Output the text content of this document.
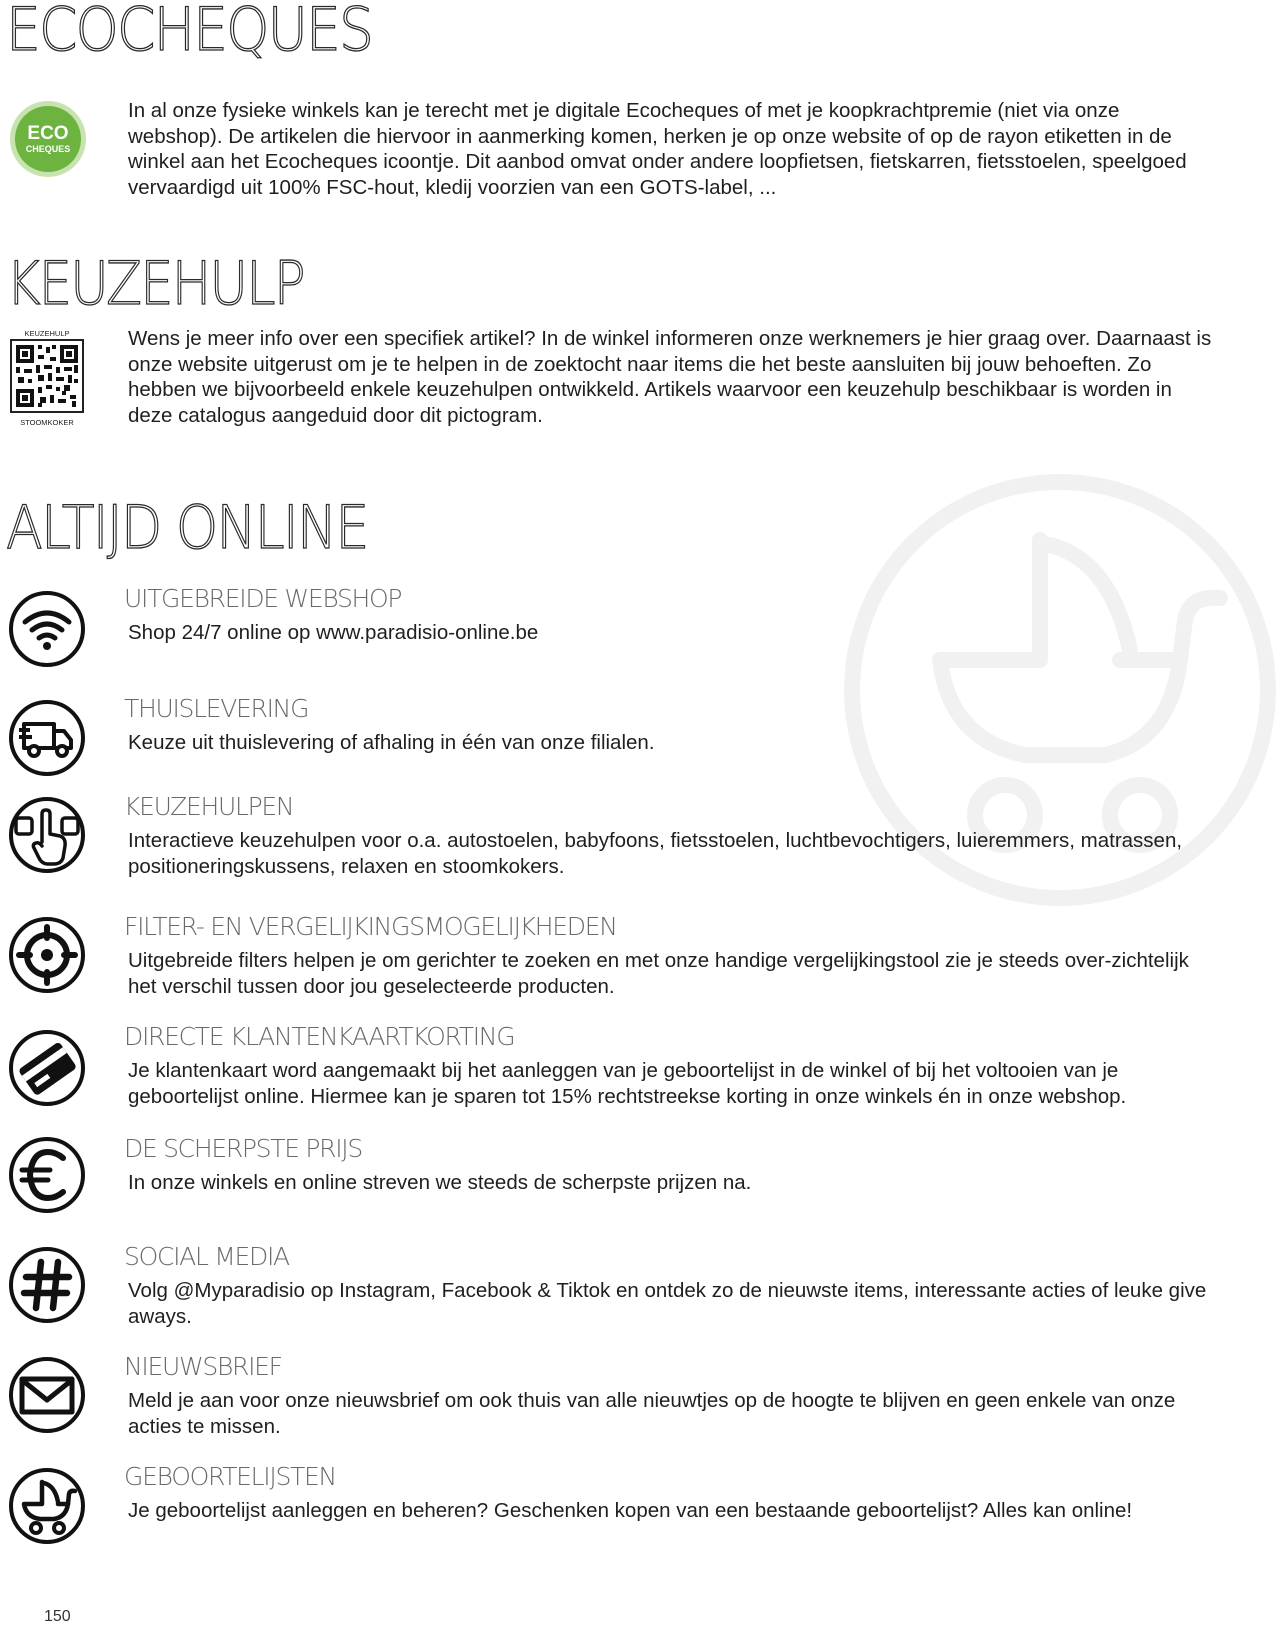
ECOCHEQUES
ECO
CHEQUES

In al onze fysieke winkels kan je terecht met je digitale Ecocheques of met je koopkrachtpremie (niet via onze webshop). De artikelen die hiervoor in aanmerking komen, herken je op onze website of op de rayon etiketten in de winkel aan het Ecocheques icoontje. Dit aanbod omvat onder andere loopfietsen, fietskarren, fietsstoelen, speelgoed vervaardigd uit 100% FSC-hout, kledij voorzien van een GOTS-label, ...

KEUZEHULP
KEUZEHULP
STOOMKOKER

Wens je meer info over een specifiek artikel? In de winkel informeren onze werknemers je hier graag over. Daarnaast is onze website uitgerust om je te helpen in de zoektocht naar items die het beste aansluiten bij jouw behoeften. Zo hebben we bijvoorbeeld enkele keuzehulpen ontwikkeld. Artikels waarvoor een keuzehulp beschikbaar is worden in deze catalogus aangeduid door dit pictogram.

ALTIJD ONLINE
UITGEBREIDE WEBSHOP

Shop 24/7 online op www.paradisio-online.be

THUISLEVERING

Keuze uit thuislevering of afhaling in één van onze filialen.

KEUZEHULPEN

Interactieve keuzehulpen voor o.a. autostoelen, babyfoons, fietsstoelen, luchtbevochtigers, luieremmers, matrassen, positioneringskussens, relaxen en stoomkokers.

FILTER- EN VERGELIJKINGSMOGELIJKHEDEN

Uitgebreide filters helpen je om gerichter te zoeken en met onze handige vergelijkingstool zie je steeds over-zichtelijk het verschil tussen door jou geselecteerde producten.

DIRECTE KLANTENKAARTKORTING

Je klantenkaart word aangemaakt bij het aanleggen van je geboortelijst in de winkel of bij het voltooien van je geboortelijst online. Hiermee kan je sparen tot 15% rechtstreekse korting in onze winkels én in onze webshop.

DE SCHERPSTE PRIJS

In onze winkels en online streven we steeds de scherpste prijzen na.

SOCIAL MEDIA

Volg @Myparadisio op Instagram, Facebook & Tiktok en ontdek zo de nieuwste items, interessante acties of leuke give aways.

NIEUWSBRIEF

Meld je aan voor onze nieuwsbrief om ook thuis van alle nieuwtjes op de hoogte te blijven en geen enkele van onze acties te missen.

GEBOORTELIJSTEN

Je geboortelijst aanleggen en beheren? Geschenken kopen van een bestaande geboortelijst? Alles kan online!

150
